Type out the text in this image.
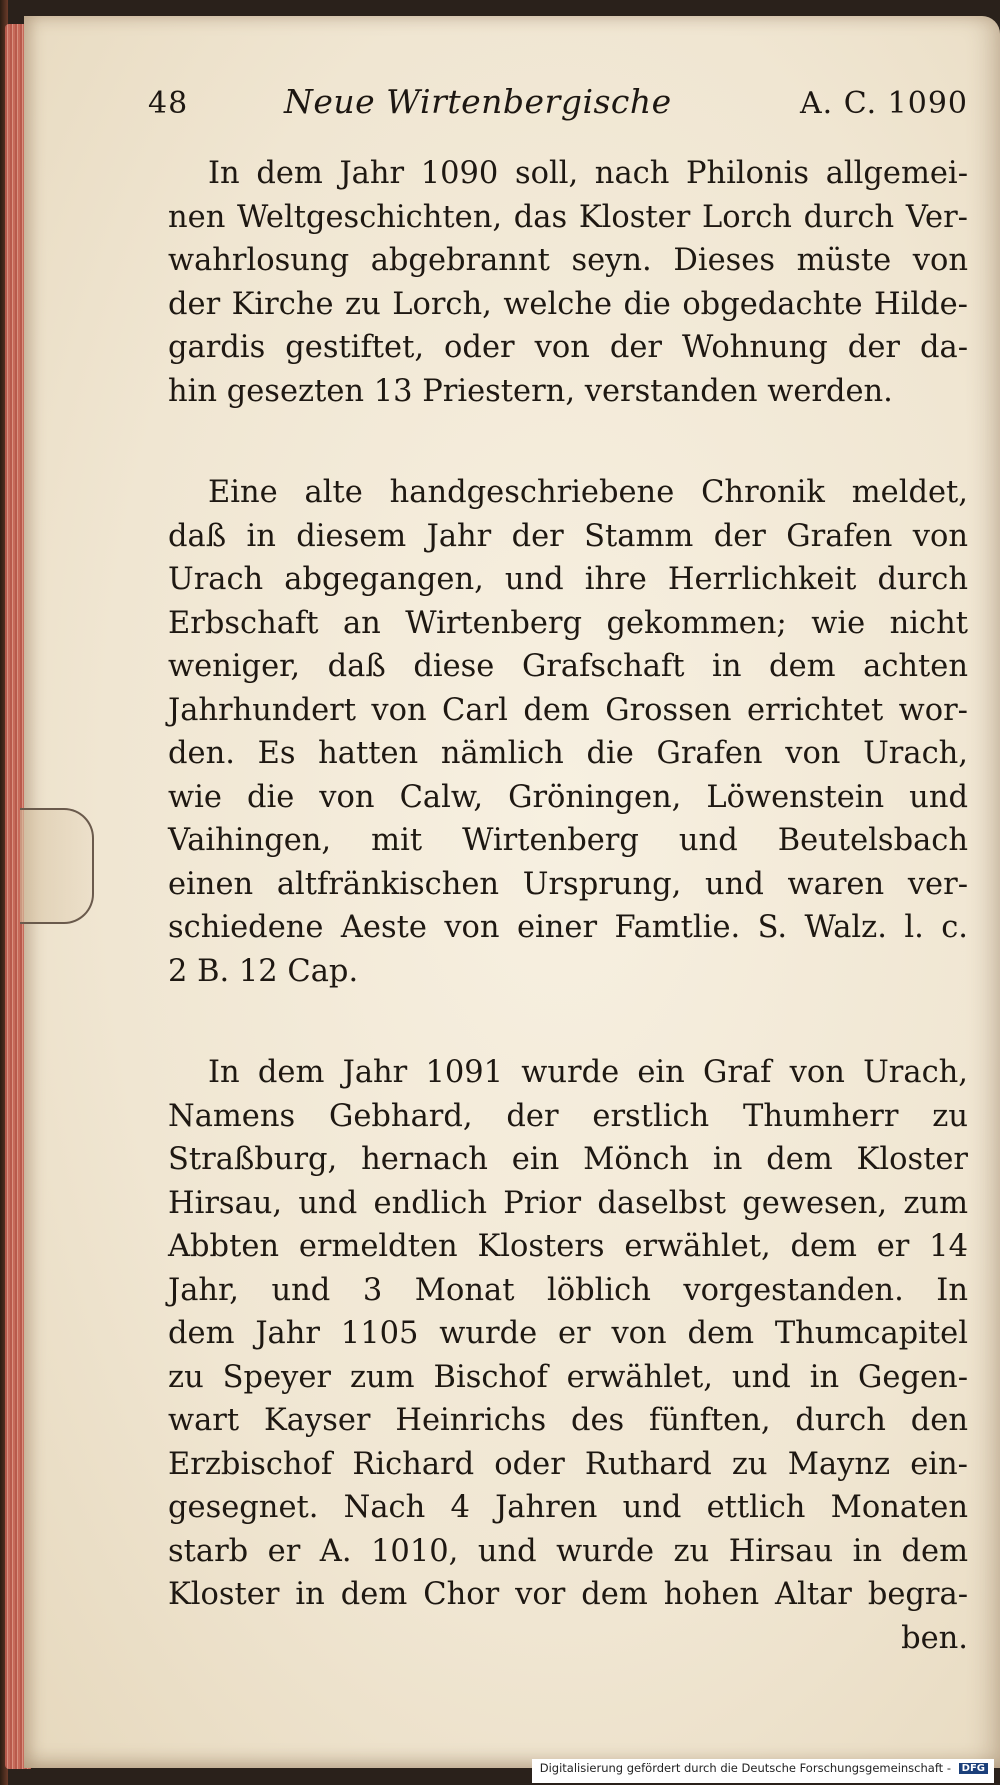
48	Neue Wirtenbergische	A. C. 1090
In dem Jahr 1090 soll, nach Philonis allgemei-
nen Weltgeschichten, das Kloster Lorch durch Ver-
wahrlosung abgebrannt seyn. Dieses müste von
der Kirche zu Lorch, welche die obgedachte Hilde-
gardis gestiftet, oder von der Wohnung der da-
hin gesezten 13 Priestern, verstanden werden.
Eine alte handgeschriebene Chronik meldet,
daß in diesem Jahr der Stamm der Grafen von
Urach abgegangen, und ihre Herrlichkeit durch
Erbschaft an Wirtenberg gekommen; wie nicht
weniger, daß diese Grafschaft in dem achten
Jahrhundert von Carl dem Grossen errichtet wor-
den. Es hatten nämlich die Grafen von Urach,
wie die von Calw, Gröningen, Löwenstein und
Vaihingen, mit Wirtenberg und Beutelsbach
einen altfränkischen Ursprung, und waren ver-
schiedene Aeste von einer Famtlie. S. Walz. l. c.
2 B. 12 Cap.
In dem Jahr 1091 wurde ein Graf von Urach,
Namens Gebhard, der erstlich Thumherr zu
Straßburg, hernach ein Mönch in dem Kloster
Hirsau, und endlich Prior daselbst gewesen, zum
Abbten ermeldten Klosters erwählet, dem er 14
Jahr, und 3 Monat löblich vorgestanden. In
dem Jahr 1105 wurde er von dem Thumcapitel
zu Speyer zum Bischof erwählet, und in Gegen-
wart Kayser Heinrichs des fünften, durch den
Erzbischof Richard oder Ruthard zu Maynz ein-
gesegnet. Nach 4 Jahren und ettlich Monaten
starb er A. 1010, und wurde zu Hirsau in dem
Kloster in dem Chor vor dem hohen Altar begra-
ben.
Digitalisierung gefördert durch die Deutsche Forschungsgemeinschaft - DFG
